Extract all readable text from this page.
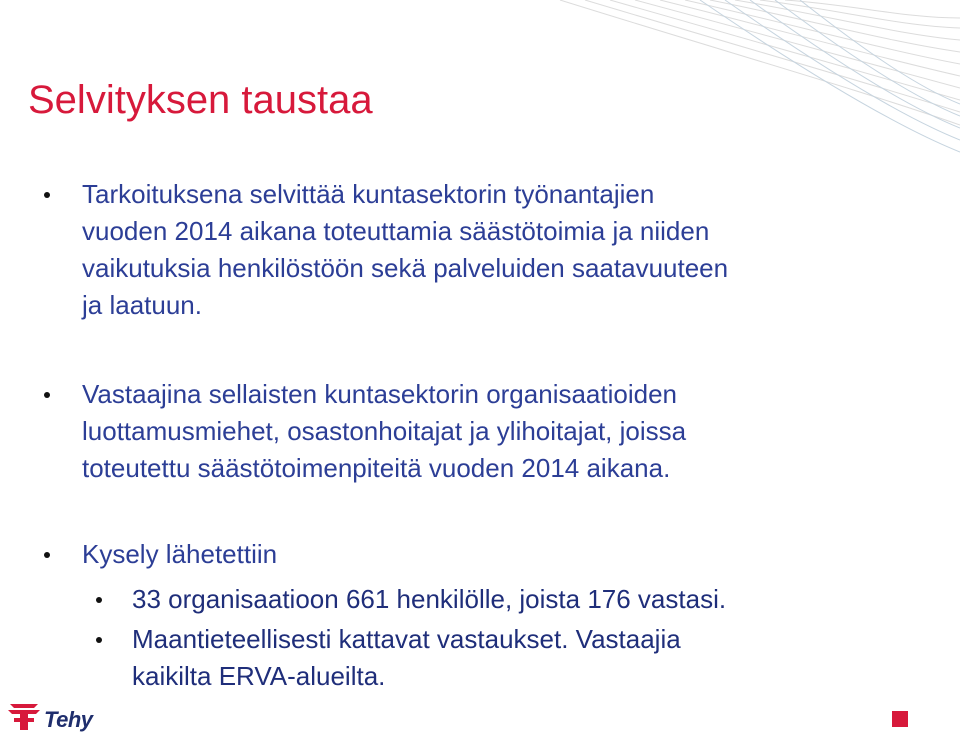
Selvityksen taustaa
Tarkoituksena selvittää kuntasektorin työnantajien
vuoden 2014 aikana toteuttamia säästötoimia ja niiden
vaikutuksia henkilöstöön sekä palveluiden saatavuuteen
ja laatuun.
Vastaajina sellaisten kuntasektorin organisaatioiden
luottamusmiehet, osastonhoitajat ja ylihoitajat, joissa
toteutettu säästötoimenpiteitä vuoden 2014 aikana.
Kysely lähetettiin
33 organisaatioon 661 henkilölle, joista 176 vastasi.
Maantieteellisesti kattavat vastaukset. Vastaajia
kaikilta ERVA-alueilta.
Tehy
